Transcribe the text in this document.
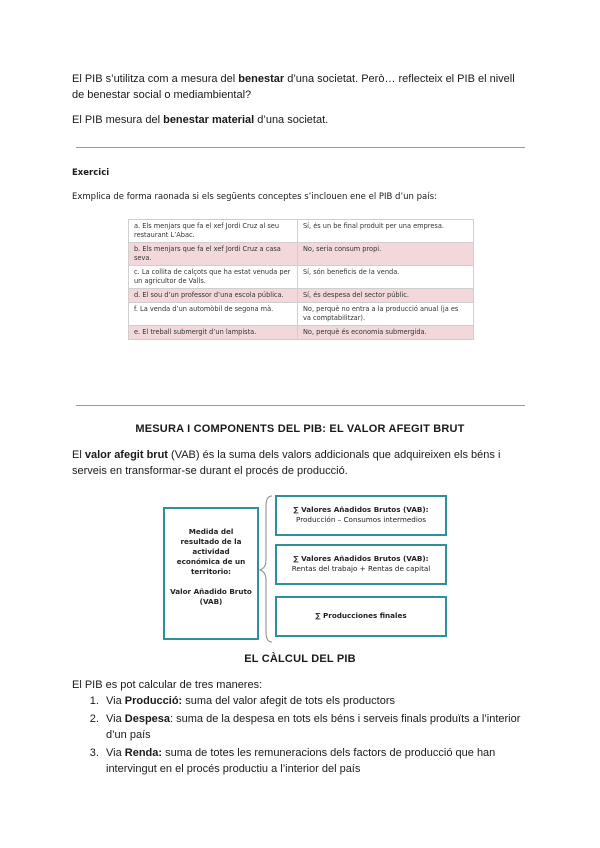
El PIB s’utilitza com a mesura del benestar d’una societat. Però… reflecteix el PIB el nivell de benestar social o mediambiental?

El PIB mesura del benestar material d’una societat.

Exercici
Exmplica de forma raonada si els següents conceptes s’inclouen ene el PIB d’un país:
a. Els menjars que fa el xef Jordi Cruz al seu restaurant L’Abac.	Sí, és un be final produit per una empresa.
b. Els menjars que fa el xef Jordi Cruz a casa seva.	No, seria consum propi.
c. La collita de calçots que ha estat venuda per un agricultor de Valls.	Sí, són beneficis de la venda.
d. El sou d’un professor d’una escola pública.	Sí, és despesa del sector públic.
f. La venda d’un automòbil de segona mà.	No, perquè no entra a la producció anual (ja es va comptabilitzar).
e. El treball submergit d’un lampista.	No, perquè és economia submergida.
MESURA I COMPONENTS DEL PIB: EL VALOR AFEGIT BRUT

El valor afegit brut (VAB) és la suma dels valors addicionals que adquireixen els béns i serveis en transformar-se durant el procés de producció.

Medida del resultado de la actividad económica de un territorio:
Valor Añadido Bruto (VAB)
∑ Valores Añadidos Brutos (VAB):
Producción – Consumos intermedios
∑ Valores Añadidos Brutos (VAB):
Rentas del trabajo + Rentas de capital
∑ Producciones finales
EL CÀLCUL DEL PIB

El PIB es pot calcular de tres maneres:

1. Via Producció: suma del valor afegit de tots els productors
2. Via Despesa: suma de la despesa en tots els béns i serveis finals produïts a l’interior d’un país
3. Via Renda: suma de totes les remuneracions dels factors de producció que han intervingut en el procés productiu a l’interior del país
